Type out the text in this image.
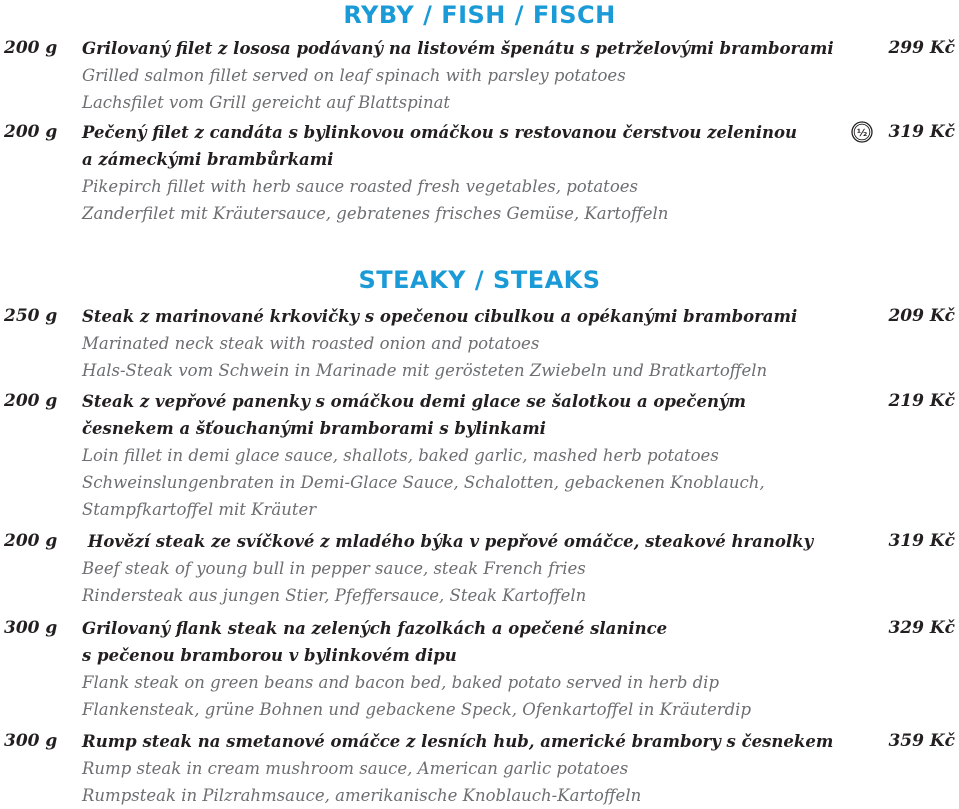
RYBY / FISH / FISCH
200 g Grilovaný filet z lososa podávaný na listovém špenátu s petrželovými bramborami
Grilled salmon fillet served on leaf spinach with parsley potatoes
Lachsfilet vom Grill gereicht auf Blattspinat
299 Kč
200 g Pečený filet z candáta s bylinkovou omáčkou s restovanou čerstvou zeleninou
a zámeckými brambůrkami
Pikepirch fillet with herb sauce roasted fresh vegetables, potatoes
Zanderfilet mit Kräutersauce, gebratenes frisches Gemüse, Kartoffeln
½ 319 Kč
STEAKY / STEAKS
250 g Steak z marinované krkovičky s opečenou cibulkou a opékanými bramborami
Marinated neck steak with roasted onion and potatoes
Hals-Steak vom Schwein in Marinade mit gerösteten Zwiebeln und Bratkartoffeln
209 Kč
200 g Steak z vepřové panenky s omáčkou demi glace se šalotkou a opečeným
česnekem a šťouchanými bramborami s bylinkami
Loin fillet in demi glace sauce, shallots, baked garlic, mashed herb potatoes
Schweinslungenbraten in Demi-Glace Sauce, Schalotten, gebackenen Knoblauch,
Stampfkartoffel mit Kräuter
219 Kč
200 g Hovězí steak ze svíčkové z mladého býka v pepřové omáčce, steakové hranolky
Beef steak of young bull in pepper sauce, steak French fries
Rindersteak aus jungen Stier, Pfeffersauce, Steak Kartoffeln
319 Kč
300 g Grilovaný flank steak na zelených fazolkách a opečené slanince
s pečenou bramborou v bylinkovém dipu
Flank steak on green beans and bacon bed, baked potato served in herb dip
Flankensteak, grüne Bohnen und gebackene Speck, Ofenkartoffel in Kräuterdip
329 Kč
300 g Rump steak na smetanové omáčce z lesních hub, americké brambory s česnekem
Rump steak in cream mushroom sauce, American garlic potatoes
Rumpsteak in Pilzrahmsauce, amerikanische Knoblauch-Kartoffeln
359 Kč
